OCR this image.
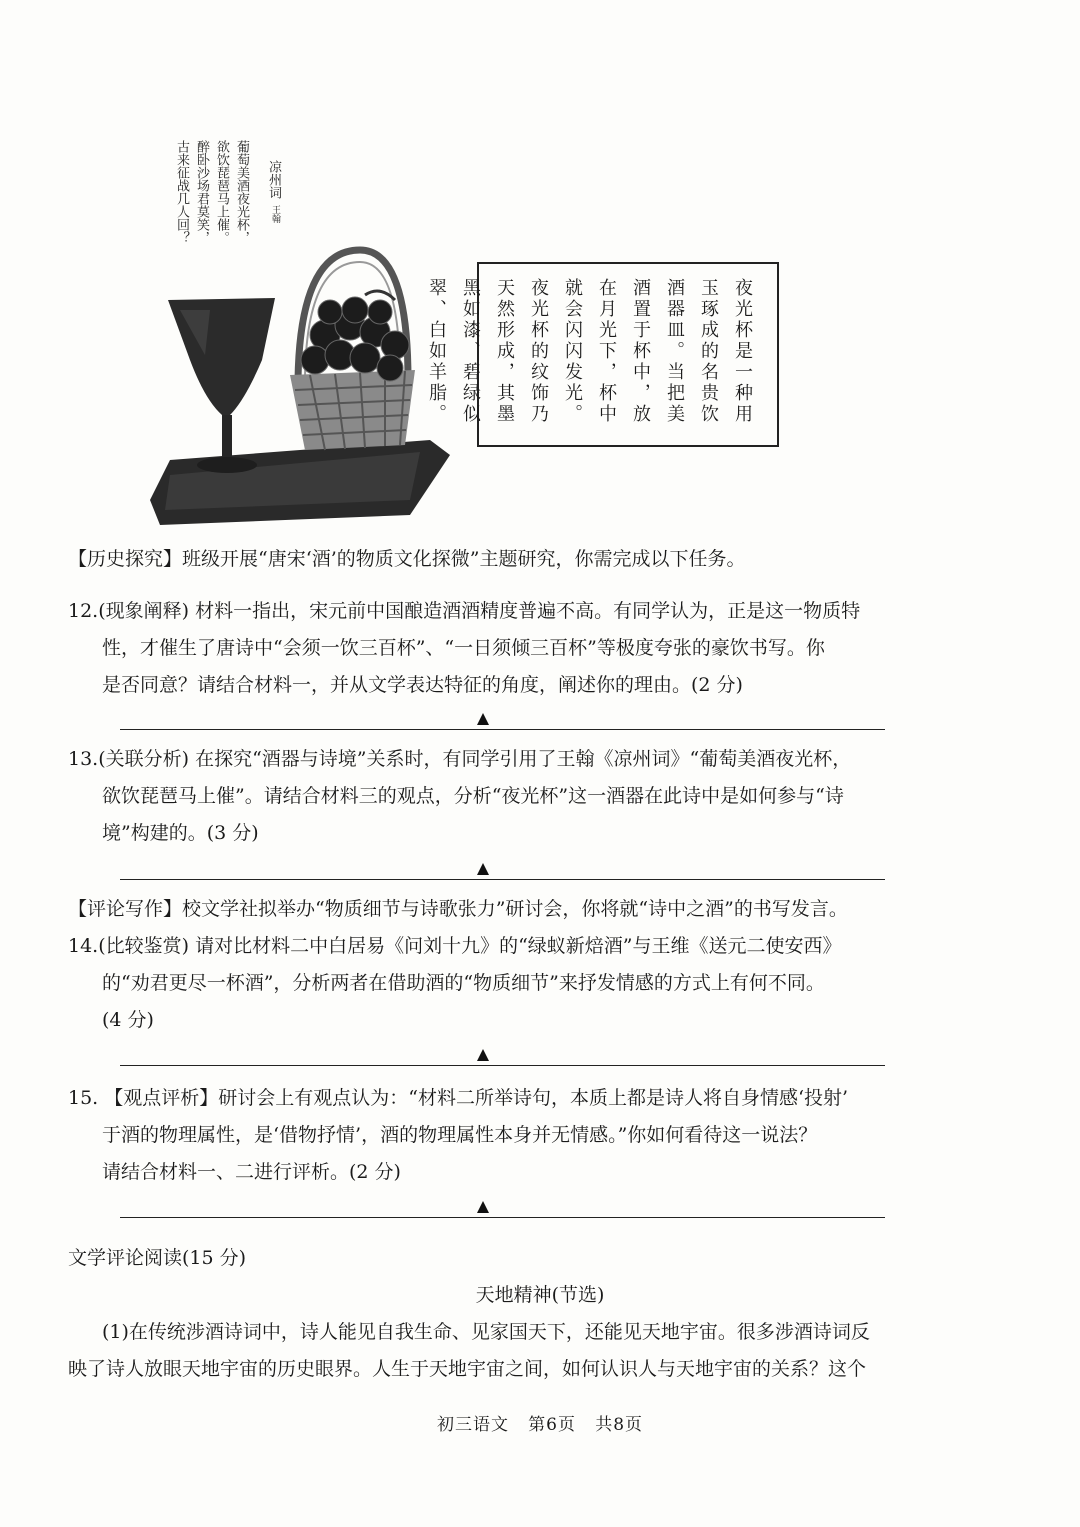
凉州词
王翰
葡萄美酒夜光杯，
欲饮琵琶马上催。
醉卧沙场君莫笑，
古来征战几人回？
夜光杯是一种用玉琢成的名贵饮酒器皿。当把美酒置于杯中，放在月光下，杯中就会闪闪发光。夜光杯的纹饰乃天然形成，其墨黑如漆、碧绿似翠、白如羊脂。
【历史探究】班级开展“唐宋‘酒’的物质文化探微”主题研究，你需完成以下任务。
12.(现象阐释) 材料一指出，宋元前中国酿造酒酒精度普遍不高。有同学认为，正是这一物质特
性，才催生了唐诗中“会须一饮三百杯”、“一日须倾三百杯”等极度夸张的豪饮书写。你
是否同意？请结合材料一，并从文学表达特征的角度，阐述你的理由。(2 分)
13.(关联分析) 在探究“酒器与诗境”关系时，有同学引用了王翰《凉州词》“葡萄美酒夜光杯，
欲饮琵琶马上催”。请结合材料三的观点，分析“夜光杯”这一酒器在此诗中是如何参与“诗
境”构建的。(3 分)
【评论写作】校文学社拟举办“物质细节与诗歌张力”研讨会，你将就“诗中之酒”的书写发言。
14.(比较鉴赏) 请对比材料二中白居易《问刘十九》的“绿蚁新焙酒”与王维《送元二使安西》
的“劝君更尽一杯酒”，分析两者在借助酒的“物质细节”来抒发情感的方式上有何不同。
(4 分)
15. 【观点评析】研讨会上有观点认为：“材料二所举诗句，本质上都是诗人将自身情感‘投射’
于酒的物理属性，是‘借物抒情’，酒的物理属性本身并无情感。”你如何看待这一说法？
请结合材料一、二进行评析。(2 分)
文学评论阅读(15 分)
天地精神(节选)
(1)在传统涉酒诗词中，诗人能见自我生命、见家国天下，还能见天地宇宙。很多涉酒诗词反
映了诗人放眼天地宇宙的历史眼界。人生于天地宇宙之间，如何认识人与天地宇宙的关系？这个
初三语文   第6页   共8页
